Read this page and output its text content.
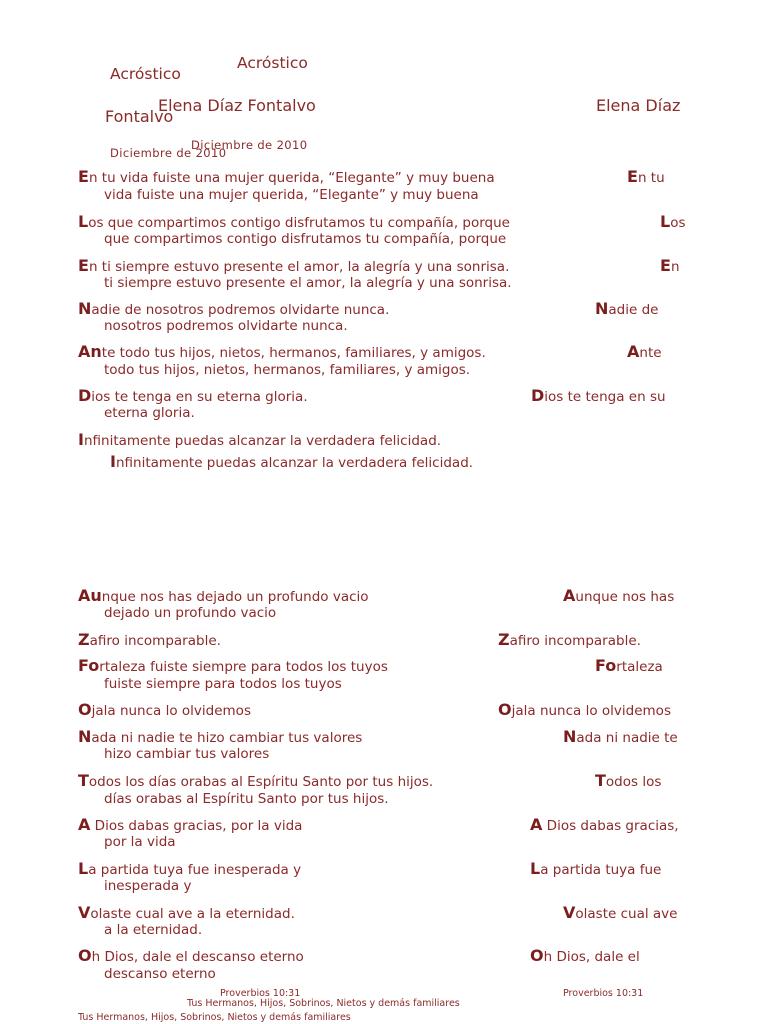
Acróstico
Acróstico
Elena Díaz Fontalvo	Elena Díaz
Fontalvo
Diciembre de 2010
Diciembre de 2010
En tu vida fuiste una mujer querida, “Elegante” y muy buena
vida fuiste una mujer querida, “Elegante” y muy buena
En tu
Los que compartimos contigo disfrutamos tu compañía, porque
que compartimos contigo disfrutamos tu compañía, porque
Los
En ti siempre estuvo presente el amor, la alegría y una sonrisa.
ti siempre estuvo presente el amor, la alegría y una sonrisa.
En
Nadie de nosotros podremos olvidarte nunca.
nosotros podremos olvidarte nunca.
Nadie de
Ante todo tus hijos, nietos, hermanos, familiares, y amigos.
todo tus hijos, nietos, hermanos, familiares, y amigos.
Ante
Dios te tenga en su eterna gloria.
eterna gloria.
Dios te tenga en su
Infinitamente puedas alcanzar la verdadera felicidad.
Infinitamente puedas alcanzar la verdadera felicidad.
Aunque nos has dejado un profundo vacio
dejado un profundo vacio
Aunque nos has
Zafiro incomparable.	Zafiro incomparable.
Fortaleza fuiste siempre para todos los tuyos
fuiste siempre para todos los tuyos
Fortaleza
Ojala nunca lo olvidemos	Ojala nunca lo olvidemos
Nada ni nadie te hizo cambiar tus valores
hizo cambiar tus valores
Nada ni nadie te
Todos los días orabas al Espíritu Santo por tus hijos.
días orabas al Espíritu Santo por tus hijos.
Todos los
A Dios dabas gracias, por la vida
por la vida
A Dios dabas gracias,
La partida tuya fue inesperada y
inesperada y
La partida tuya fue
Volaste cual ave a la eternidad.
a la eternidad.
Volaste cual ave
Oh Dios, dale el descanso eterno
descanso eterno
Oh Dios, dale el
Proverbios 10:31	Proverbios 10:31
Tus Hermanos, Hijos, Sobrinos, Nietos y demás familiares
Tus Hermanos, Hijos, Sobrinos, Nietos y demás familiares
